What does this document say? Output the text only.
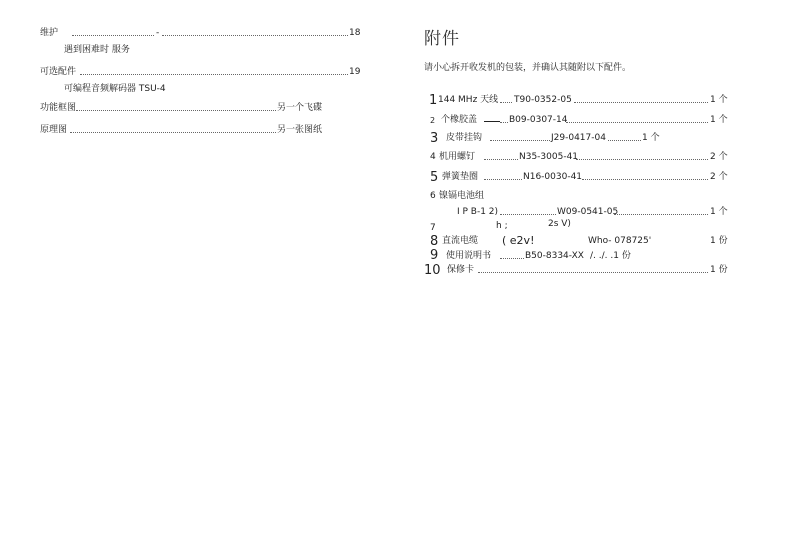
维护	-	18
遇到困难时 服务
可选配件	19
可编程音频解码器 TSU-4
功能框图	另一个飞碟
原理图	另一张图纸
附件
请小心拆开收发机的包装，并确认其随附以下配件。
1 144 MHz 天线 T90-0352-05	1 个
2 个橡胶盖	B09-0307-14	1 个
3 皮带挂钩	J29-0417-04	1 个
4 机用螺钉	N35-3005-41	2 个
5 弹簧垫圈	N16-0030-41	2 个
6 镍镉电池组
I P B-1 2)	W09-0541-05	1 个
7	h ;	2s V)
8 直流电缆 ( e2v!	Who- 078725'	1 份
9 使用说明书	B50-8334-XX /. ./. .1 份
10 保修卡	1 份
